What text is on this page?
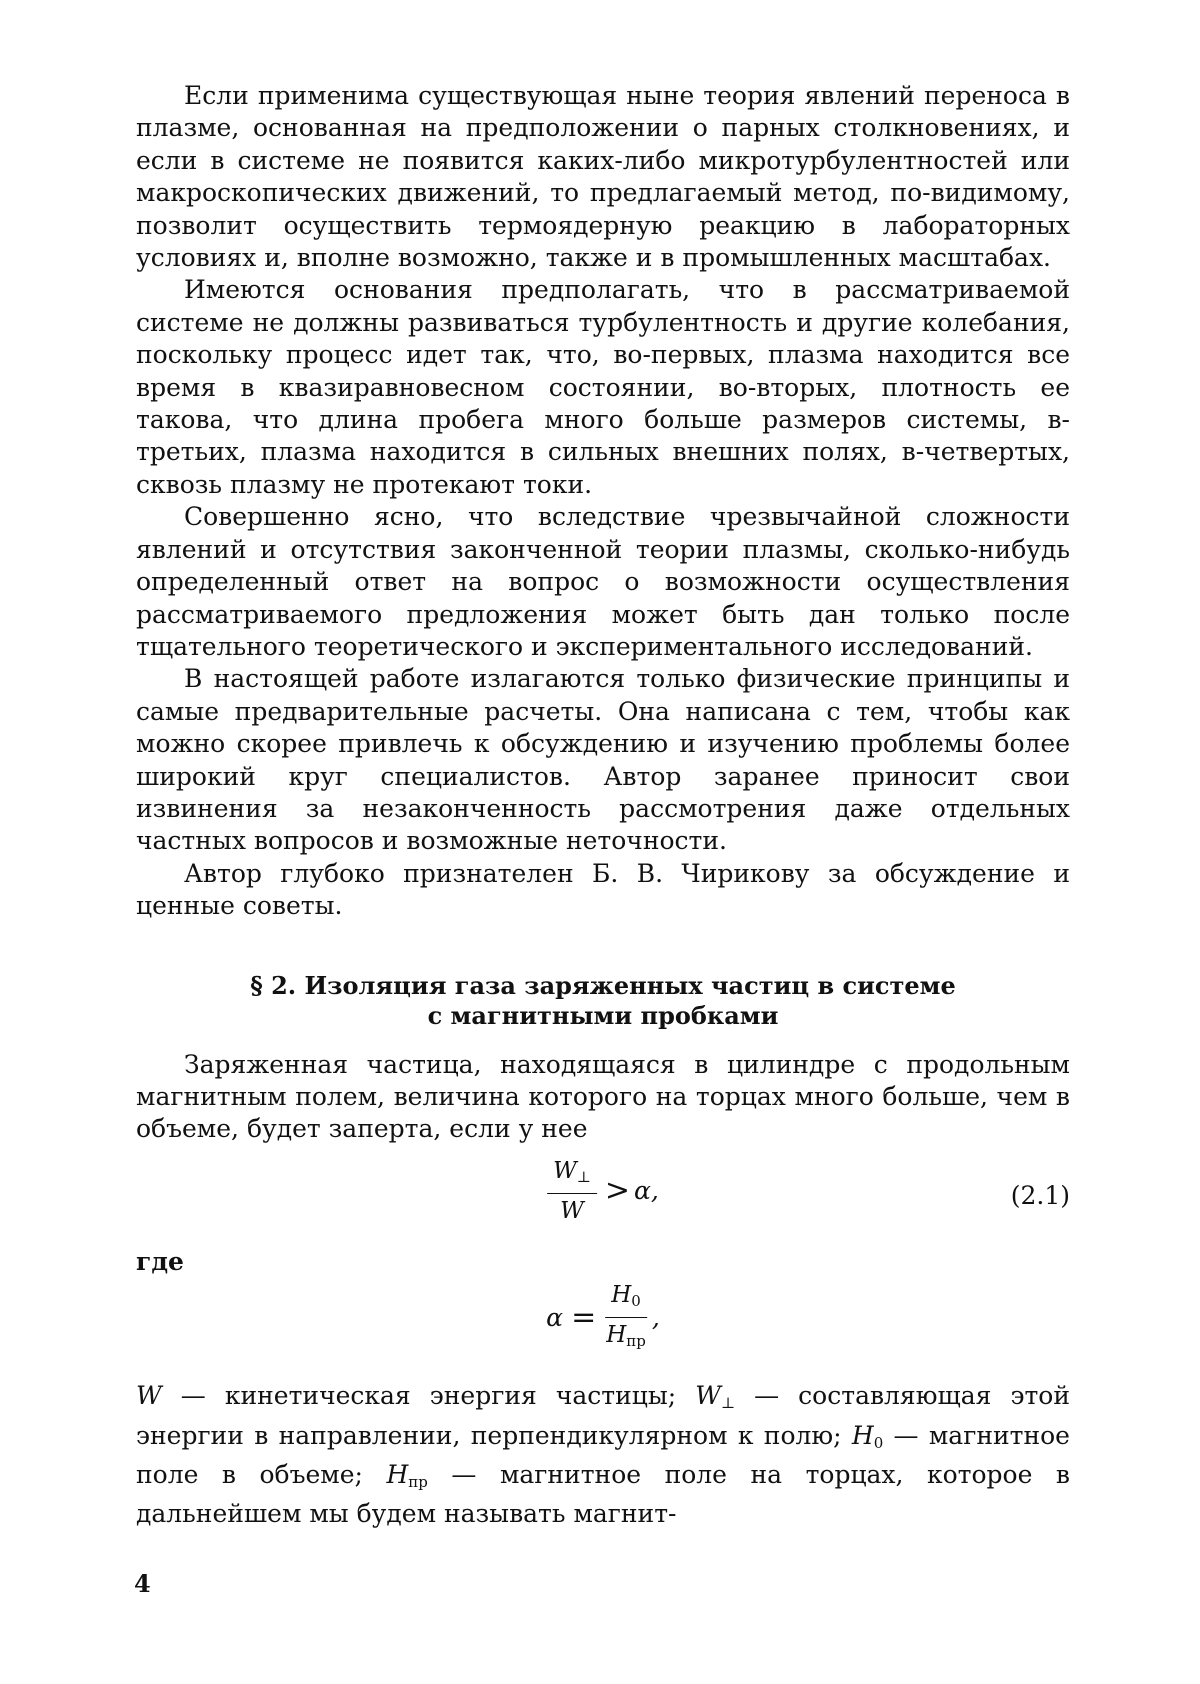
Если применима существующая ныне теория явлений переноса в плазме, основанная на предположении о парных столкновениях, и если в системе не появится каких-либо микротурбулентностей или макроскопических движений, то предлагаемый метод, по-видимому, позволит осуществить термоядерную реакцию в лабораторных условиях и, вполне возможно, также и в промышленных масштабах.

Имеются основания предполагать, что в рассматриваемой системе не должны развиваться турбулентность и другие колебания, поскольку процесс идет так, что, во-первых, плазма находится все время в квазиравновесном состоянии, во-вторых, плотность ее такова, что длина пробега много больше размеров системы, в-третьих, плазма находится в сильных внешних полях, в-четвертых, сквозь плазму не протекают токи.

Совершенно ясно, что вследствие чрезвычайной сложности явлений и отсутствия законченной теории плазмы, сколько-нибудь определенный ответ на вопрос о возможности осуществления рассматриваемого предложения может быть дан только после тщательного теоретического и экспериментального исследований.

В настоящей работе излагаются только физические принципы и самые предварительные расчеты. Она написана с тем, чтобы как можно скорее привлечь к обсуждению и изучению проблемы более широкий круг специалистов. Автор заранее приносит свои извинения за незаконченность рассмотрения даже отдельных частных вопросов и возможные неточности.

Автор глубоко признателен Б. В. Чирикову за обсуждение и ценные советы.

§ 2. Изоляция газа заряженных частиц в системе
с магнитными пробками

Заряженная частица, находящаяся в цилиндре с продольным магнитным полем, величина которого на торцах много больше, чем в объеме, будет заперта, если у нее

$\frac{W_\perp}{W} > \alpha$,	(2.1)

где

$\alpha = \frac{H_0}{H_{пр}}$ ,

W — кинетическая энергия частицы; $W_\perp$ — составляющая этой энергии в направлении, перпендикулярном к полю; $H_0$ — магнитное поле в объеме; $H_{пр}$ — магнитное поле на торцах, которое в дальнейшем мы будем называть магнит-

4
